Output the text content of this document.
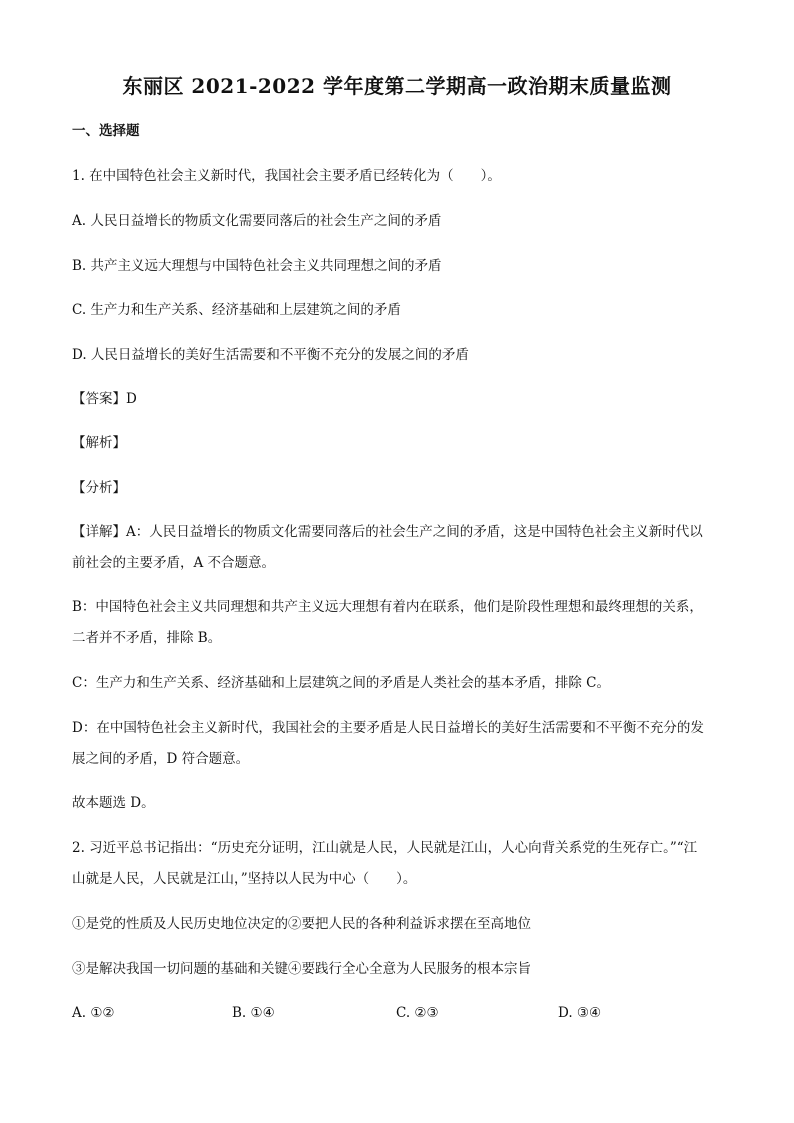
东丽区 2021-2022 学年度第二学期高一政治期末质量监测
一、选择题
1. 在中国特色社会主义新时代，我国社会主要矛盾已经转化为（　　）。
A. 人民日益增长的物质文化需要同落后的社会生产之间的矛盾
B. 共产主义远大理想与中国特色社会主义共同理想之间的矛盾
C. 生产力和生产关系、经济基础和上层建筑之间的矛盾
D. 人民日益增长的美好生活需要和不平衡不充分的发展之间的矛盾
【答案】D
【解析】
【分析】
【详解】A：人民日益增长的物质文化需要同落后的社会生产之间的矛盾，这是中国特色社会主义新时代以
前社会的主要矛盾，A 不合题意。
B：中国特色社会主义共同理想和共产主义远大理想有着内在联系，他们是阶段性理想和最终理想的关系，
二者并不矛盾，排除 B。
C：生产力和生产关系、经济基础和上层建筑之间的矛盾是人类社会的基本矛盾，排除 C。
D：在中国特色社会主义新时代，我国社会的主要矛盾是人民日益增长的美好生活需要和不平衡不充分的发
展之间的矛盾，D 符合题意。
故本题选 D。
2. 习近平总书记指出：“历史充分证明，江山就是人民，人民就是江山，人心向背关系党的生死存亡。”“江
山就是人民，人民就是江山，”坚持以人民为中心（　　）。
①是党的性质及人民历史地位决定的②要把人民的各种利益诉求摆在至高地位
③是解决我国一切问题的基础和关键④要践行全心全意为人民服务的根本宗旨
A. ①②	B. ①④	C. ②③	D. ③④
